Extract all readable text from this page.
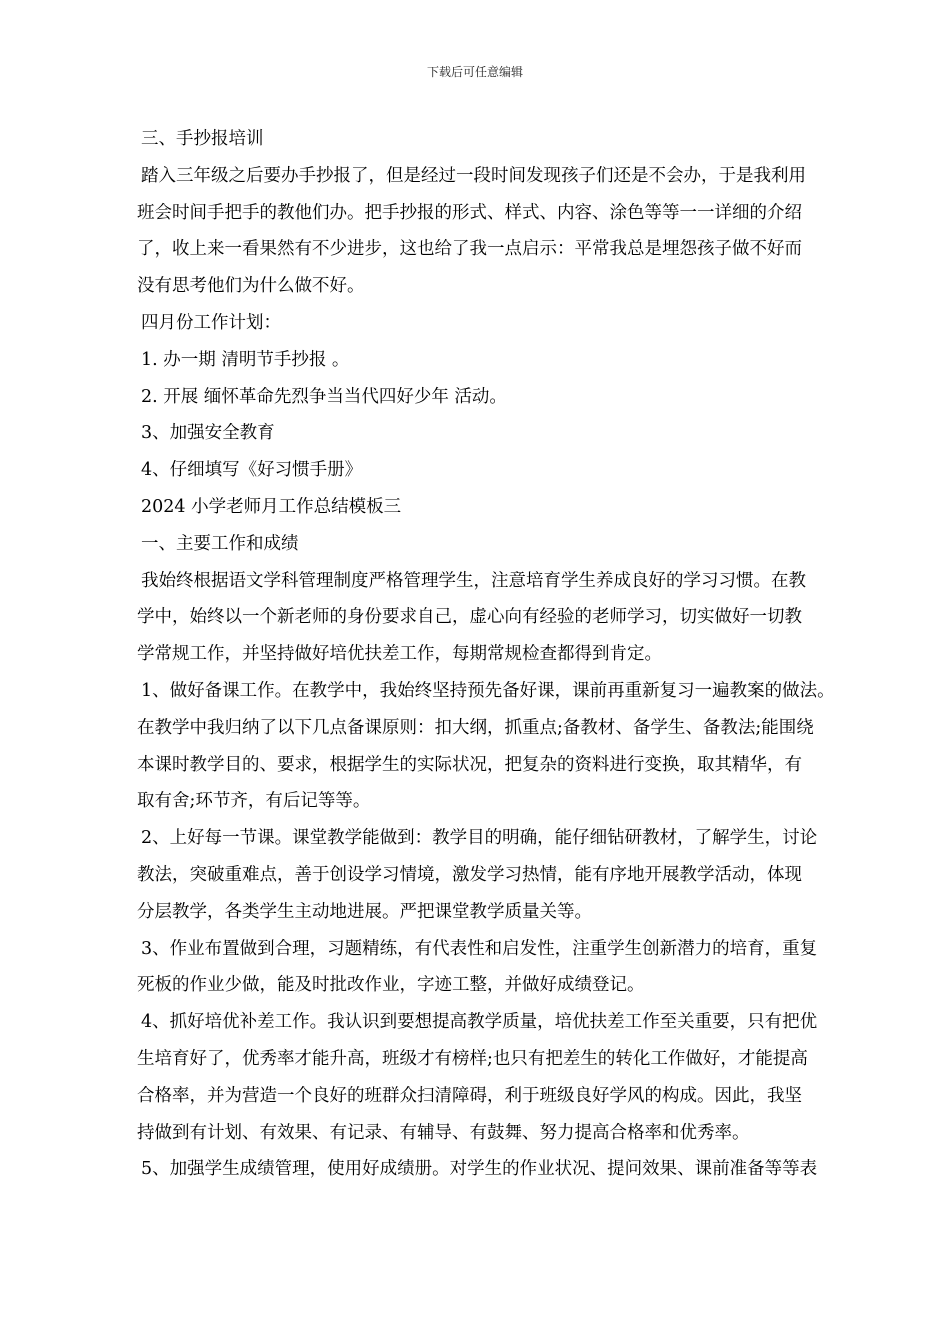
下载后可任意编辑

三、手抄报培训

踏入三年级之后要办手抄报了，但是经过一段时间发现孩子们还是不会办，于是我利用

班会时间手把手的教他们办。把手抄报的形式、样式、内容、涂色等等一一详细的介绍

了，收上来一看果然有不少进步，这也给了我一点启示：平常我总是埋怨孩子做不好而

没有思考他们为什么做不好。

四月份工作计划：

1. 办一期 清明节手抄报 。

2. 开展 缅怀革命先烈争当当代四好少年 活动。

3、加强安全教育

4、仔细填写《好习惯手册》

2024 小学老师月工作总结模板三

一、主要工作和成绩

我始终根据语文学科管理制度严格管理学生，注意培育学生养成良好的学习习惯。在教

学中，始终以一个新老师的身份要求自己，虚心向有经验的老师学习，切实做好一切教

学常规工作，并坚持做好培优扶差工作，每期常规检查都得到肯定。

1、做好备课工作。在教学中，我始终坚持预先备好课，课前再重新复习一遍教案的做法。

在教学中我归纳了以下几点备课原则：扣大纲，抓重点;备教材、备学生、备教法;能围绕

本课时教学目的、要求，根据学生的实际状况，把复杂的资料进行变换，取其精华，有

取有舍;环节齐，有后记等等。

2、上好每一节课。课堂教学能做到：教学目的明确，能仔细钻研教材，了解学生，讨论

教法，突破重难点，善于创设学习情境，激发学习热情，能有序地开展教学活动，体现

分层教学，各类学生主动地进展。严把课堂教学质量关等。

3、作业布置做到合理，习题精练，有代表性和启发性，注重学生创新潜力的培育，重复

死板的作业少做，能及时批改作业，字迹工整，并做好成绩登记。

4、抓好培优补差工作。我认识到要想提高教学质量，培优扶差工作至关重要，只有把优

生培育好了，优秀率才能升高，班级才有榜样;也只有把差生的转化工作做好，才能提高

合格率，并为营造一个良好的班群众扫清障碍，利于班级良好学风的构成。因此，我坚

持做到有计划、有效果、有记录、有辅导、有鼓舞、努力提高合格率和优秀率。

5、加强学生成绩管理，使用好成绩册。对学生的作业状况、提问效果、课前准备等等表
